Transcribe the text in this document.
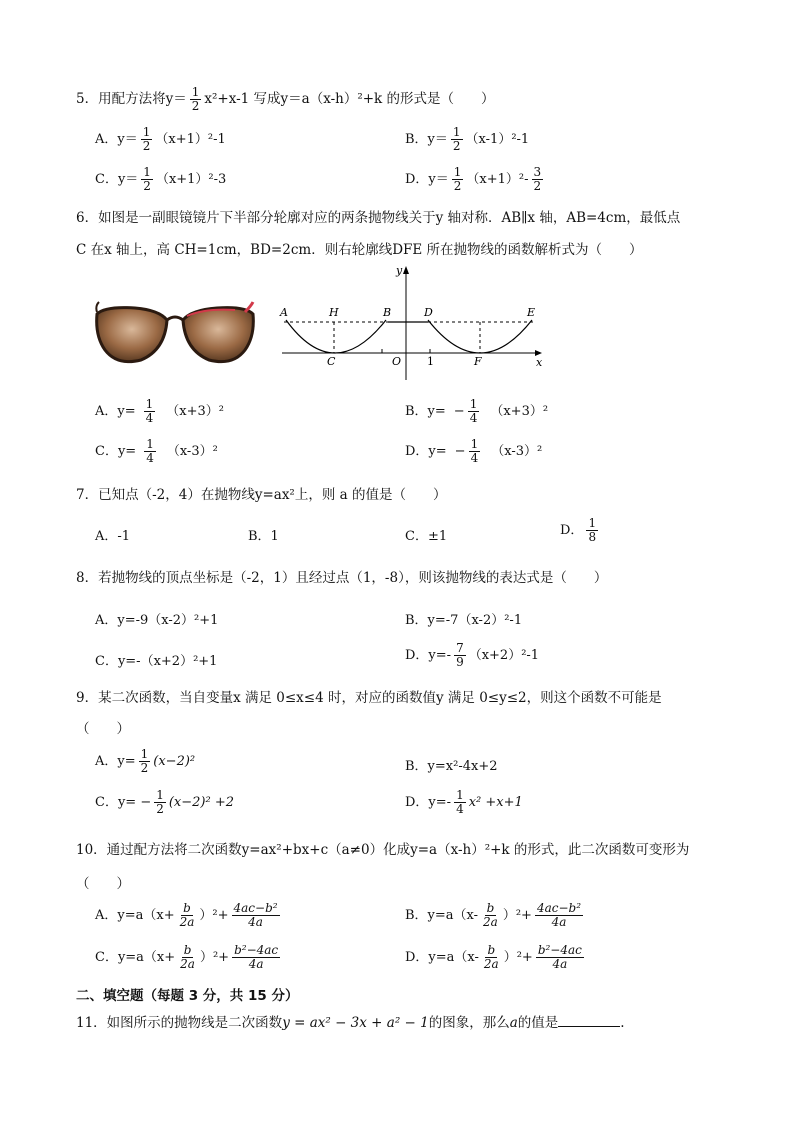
5．用配方法将$y= \frac{1}{2} x^2+x-1$ 写成y＝a（x-h）²+k 的形式是（　　）
A．$y= \frac{1}{2} (x+1)^2-1$	B．$y= \frac{1}{2} (x-1)^2-1$
C．$y= \frac{1}{2} (x+1)^2-3$	D．$y= \frac{1}{2} (x+1)^2- \frac{3}{2}$
6．如图是一副眼镜镜片下半部分轮廓对应的两条抛物线关于y 轴对称．AB∥x 轴，AB=4cm，最低点
C 在x 轴上，高 CH=1cm，BD=2cm．则右轮廓线DFE 所在抛物线的函数解析式为（　　）
y
x
A	H	B	D	E
C	O 1	F
A．$y= \frac{1}{4} (x+3)^2$	B．$y= - \frac{1}{4} (x+3)^2$
C．$y= \frac{1}{4} (x-3)^2$	D．$y= - \frac{1}{4} (x-3)^2$
7．已知点（-2，4）在抛物线y=ax²上，则 a 的值是（　　）
A．-1	B．1	C．±1	D． $\frac{1}{8}$
8．若抛物线的顶点坐标是（-2，1）且经过点（1，-8），则该抛物线的表达式是（　　）
A．y=-9（x-2）²+1	B．y=-7（x-2）²-1
C．y=-（x+2）²+1	D．$y=- \frac{7}{9} (x+2)^2-1$
9．某二次函数，当自变量x 满足 0≤x≤4 时，对应的函数值y 满足 0≤y≤2，则这个函数不可能是
（　　）
A．$y= \frac{1}{2} (x-2)^2$	B．y=x²-4x+2
C．$y= - \frac{1}{2} (x-2)^2 +2$	D．$y=- \frac{1}{4} x^2 +x+1$
10．通过配方法将二次函数y=ax²+bx+c（a≠0）化成y=a（x-h）²+k 的形式，此二次函数可变形为
（　　）
A．$y=a(x+ \frac{b}{2a} )^2+ \frac{\text{4ac−b²}}{4a}$	B．$y=a(x- \frac{b}{2a} )^2+ \frac{\text{4ac−b²}}{4a}$
C．$y=a(x+ \frac{b}{2a} )^2+ \frac{\text{b²−4ac}}{4a}$	D．$y=a(x- \frac{b}{2a} )^2+ \frac{\text{b²−4ac}}{4a}$
二、填空题（每题 3 分，共 15 分）
11．如图所示的抛物线是二次函数y = ax² − 3x + a² − 1的图象，那么a的值是	.
